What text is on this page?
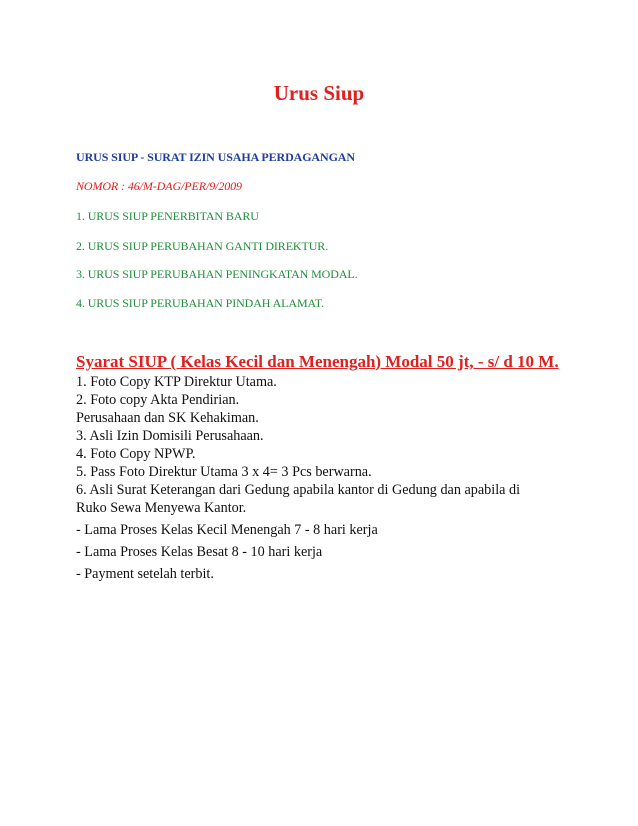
Urus Siup
URUS SIUP - SURAT IZIN USAHA PERDAGANGAN
NOMOR : 46/M-DAG/PER/9/2009
1. URUS SIUP PENERBITAN BARU
2. URUS SIUP PERUBAHAN GANTI DIREKTUR.
3. URUS SIUP PERUBAHAN PENINGKATAN MODAL.
4. URUS SIUP PERUBAHAN PINDAH ALAMAT.
Syarat SIUP ( Kelas Kecil dan Menengah) Modal 50 jt, - s/ d 10 M.
1. Foto Copy KTP Direktur Utama.
2. Foto copy Akta Pendirian.
Perusahaan dan SK Kehakiman.
3. Asli Izin Domisili Perusahaan.
4. Foto Copy NPWP.
5. Pass Foto Direktur Utama 3 x 4= 3 Pcs berwarna.
6. Asli Surat Keterangan dari Gedung apabila kantor di Gedung dan apabila di
Ruko Sewa Menyewa Kantor.
- Lama Proses Kelas Kecil Menengah 7 - 8 hari kerja
- Lama Proses Kelas Besat 8 - 10 hari kerja
- Payment setelah terbit.
